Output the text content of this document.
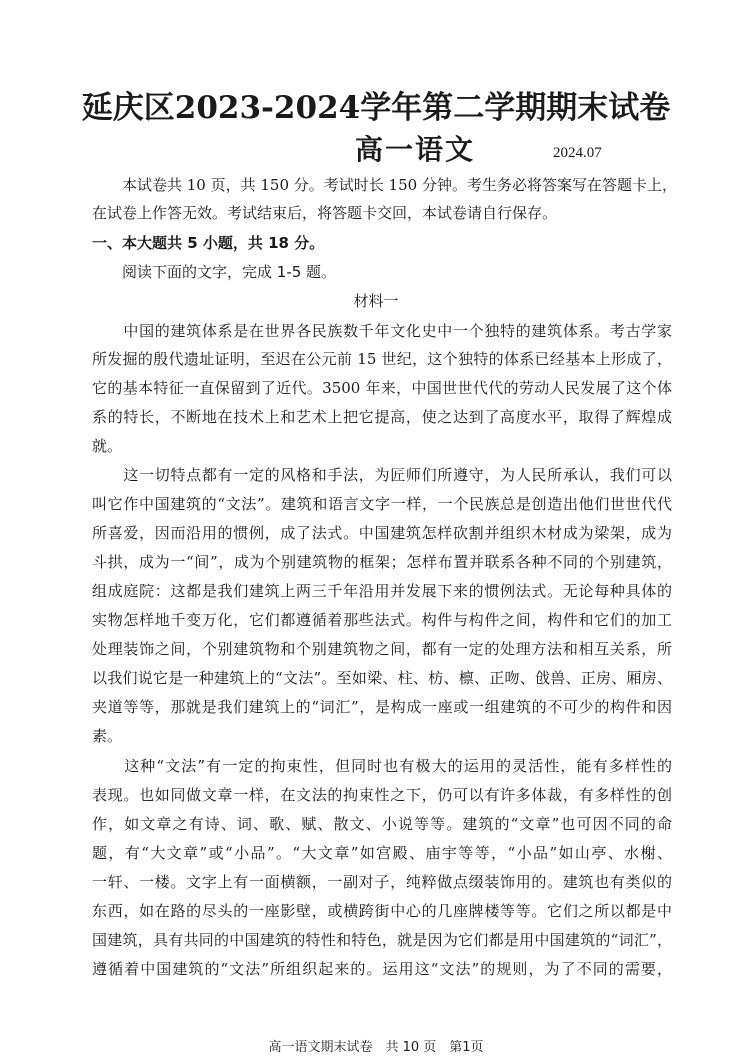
延庆区2023-2024学年第二学期期末试卷
高一语文	2024.07
　　本试卷共 10 页，共 150 分。考试时长 150 分钟。考生务必将答案写在答题卡上，
在试卷上作答无效。考试结束后，将答题卡交回，本试卷请自行保存。
一、本大题共 5 小题，共 18 分。
　　阅读下面的文字，完成 1-5 题。
材料一
　　中国的建筑体系是在世界各民族数千年文化史中一个独特的建筑体系。考古学家
所发掘的殷代遗址证明，至迟在公元前 15 世纪，这个独特的体系已经基本上形成了，
它的基本特征一直保留到了近代。3500 年来，中国世世代代的劳动人民发展了这个体
系的特长，不断地在技术上和艺术上把它提高，使之达到了高度水平，取得了辉煌成
就。
　　这一切特点都有一定的风格和手法，为匠师们所遵守，为人民所承认，我们可以
叫它作中国建筑的“文法”。建筑和语言文字一样，一个民族总是创造出他们世世代代
所喜爱，因而沿用的惯例，成了法式。中国建筑怎样砍割并组织木材成为梁架，成为
斗拱，成为一“间”，成为个别建筑物的框架；怎样布置并联系各种不同的个别建筑，
组成庭院：这都是我们建筑上两三千年沿用并发展下来的惯例法式。无论每种具体的
实物怎样地千变万化，它们都遵循着那些法式。构件与构件之间，构件和它们的加工
处理装饰之间，个别建筑物和个别建筑物之间，都有一定的处理方法和相互关系，所
以我们说它是一种建筑上的“文法”。至如梁、柱、枋、檩、正吻、戗兽、正房、厢房、
夹道等等，那就是我们建筑上的“词汇”，是构成一座或一组建筑的不可少的构件和因
素。
　　这种“文法”有一定的拘束性，但同时也有极大的运用的灵活性，能有多样性的
表现。也如同做文章一样，在文法的拘束性之下，仍可以有许多体裁，有多样性的创
作，如文章之有诗、词、歌、赋、散文、小说等等。建筑的“文章”也可因不同的命
题，有“大文章”或“小品”。“大文章”如宫殿、庙宇等等，“小品”如山亭、水榭、
一轩、一楼。文字上有一面横额，一副对子，纯粹做点缀装饰用的。建筑也有类似的
东西，如在路的尽头的一座影壁，或横跨街中心的几座牌楼等等。它们之所以都是中
国建筑，具有共同的中国建筑的特性和特色，就是因为它们都是用中国建筑的“词汇”，
遵循着中国建筑的“文法”所组织起来的。运用这“文法”的规则，为了不同的需要，
高一语文期末试卷　共 10 页　第1页
